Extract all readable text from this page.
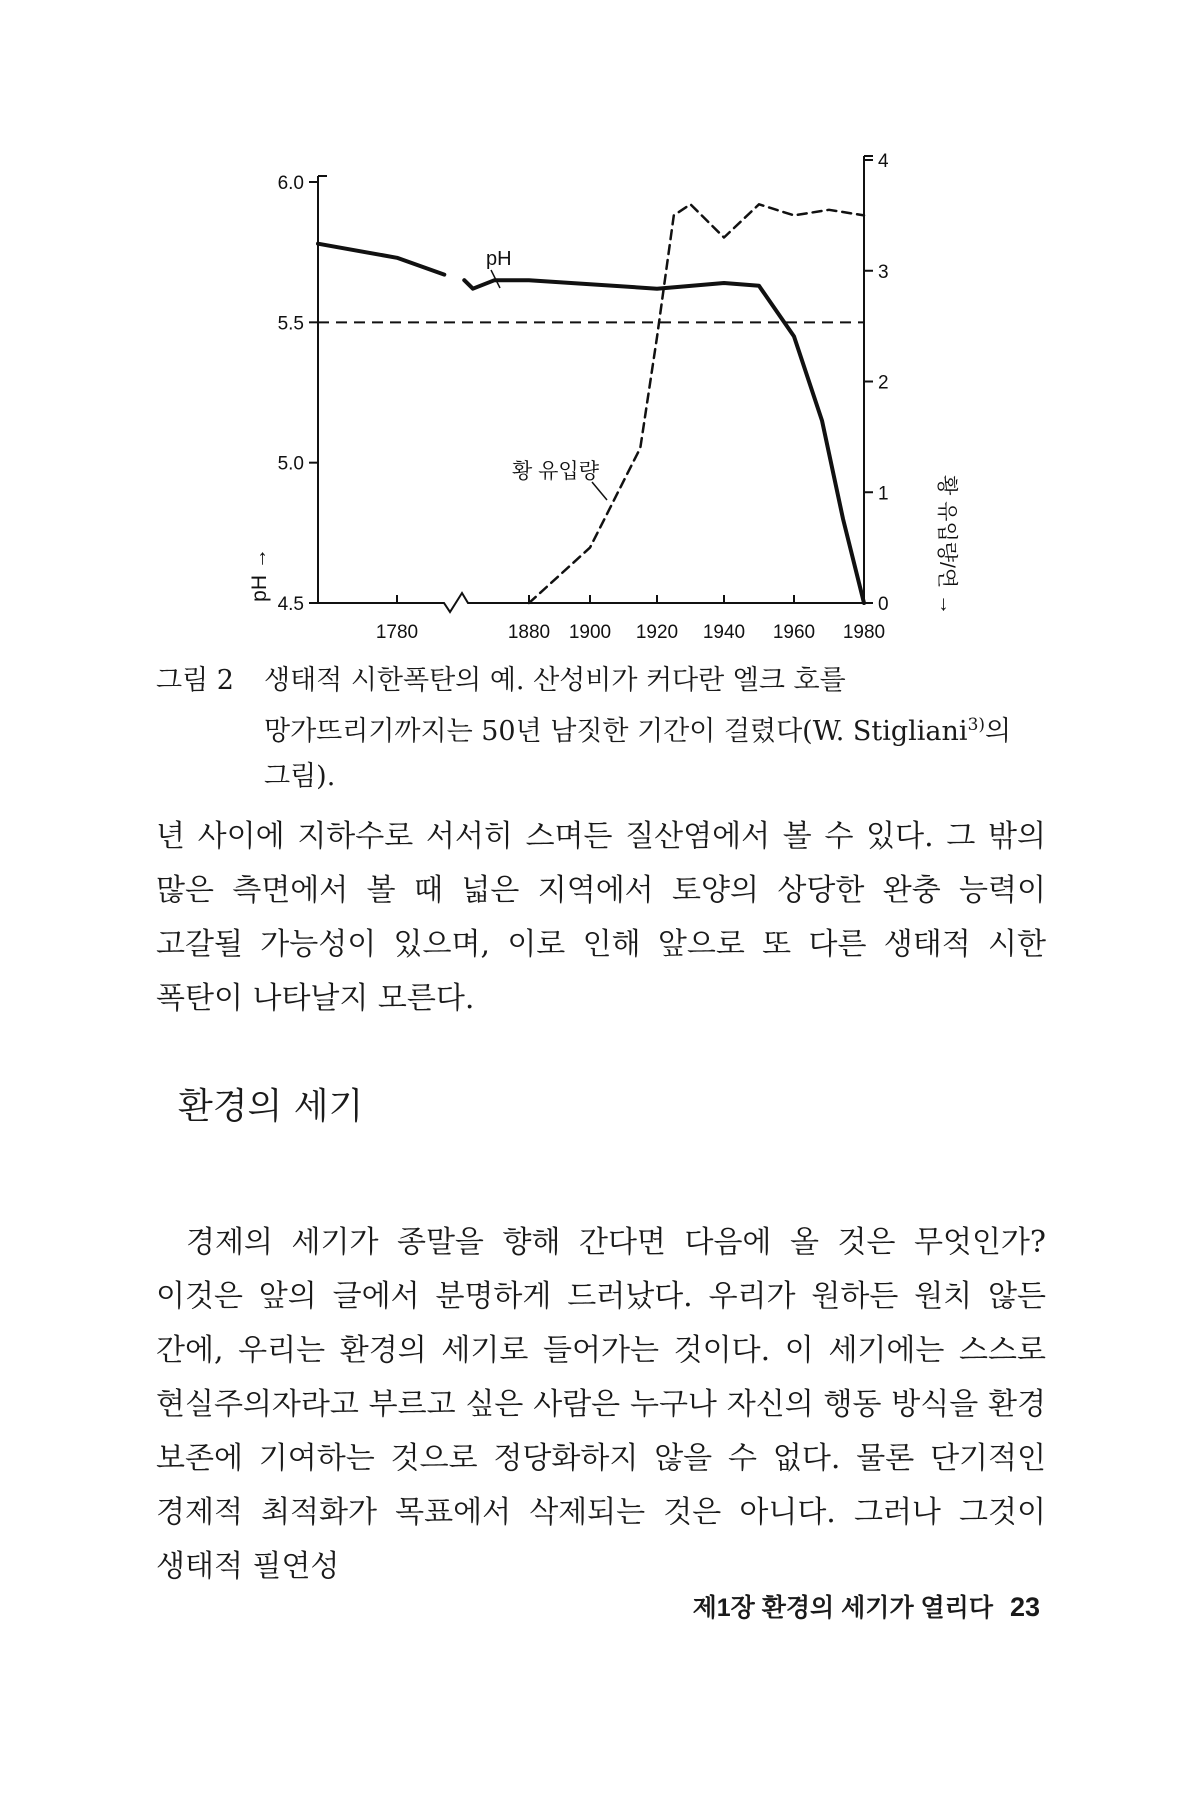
4.5
5.0
5.5
6.0
0
1
2
3
4
1780	1880 1900 1920 1940 1960 1980
pH
황 유입량
pH →	황 유입량/연 →
그림 2 생태적 시한폭탄의 예. 산성비가 커다란 엘크 호를 망가뜨리기까지는 50년 남짓한 기간이 걸렸다(W. Stigliani$^{3)}$의 그림).

년 사이에 지하수로 서서히 스며든 질산염에서 볼 수 있다. 그 밖의 많은 측면에서 볼 때 넓은 지역에서 토양의 상당한 완충 능력이 고갈될 가능성이 있으며, 이로 인해 앞으로 또 다른 생태적 시한 폭탄이 나타날지 모른다.

환경의 세기

경제의 세기가 종말을 향해 간다면 다음에 올 것은 무엇인가? 이것은 앞의 글에서 분명하게 드러났다. 우리가 원하든 원치 않든 간에, 우리는 환경의 세기로 들어가는 것이다. 이 세기에는 스스로 현실주의자라고 부르고 싶은 사람은 누구나 자신의 행동 방식을 환경 보존에 기여하는 것으로 정당화하지 않을 수 없다. 물론 단기적인 경제적 최적화가 목표에서 삭제되는 것은 아니다. 그러나 그것이 생태적 필연성

제1장 환경의 세기가 열리다 23
